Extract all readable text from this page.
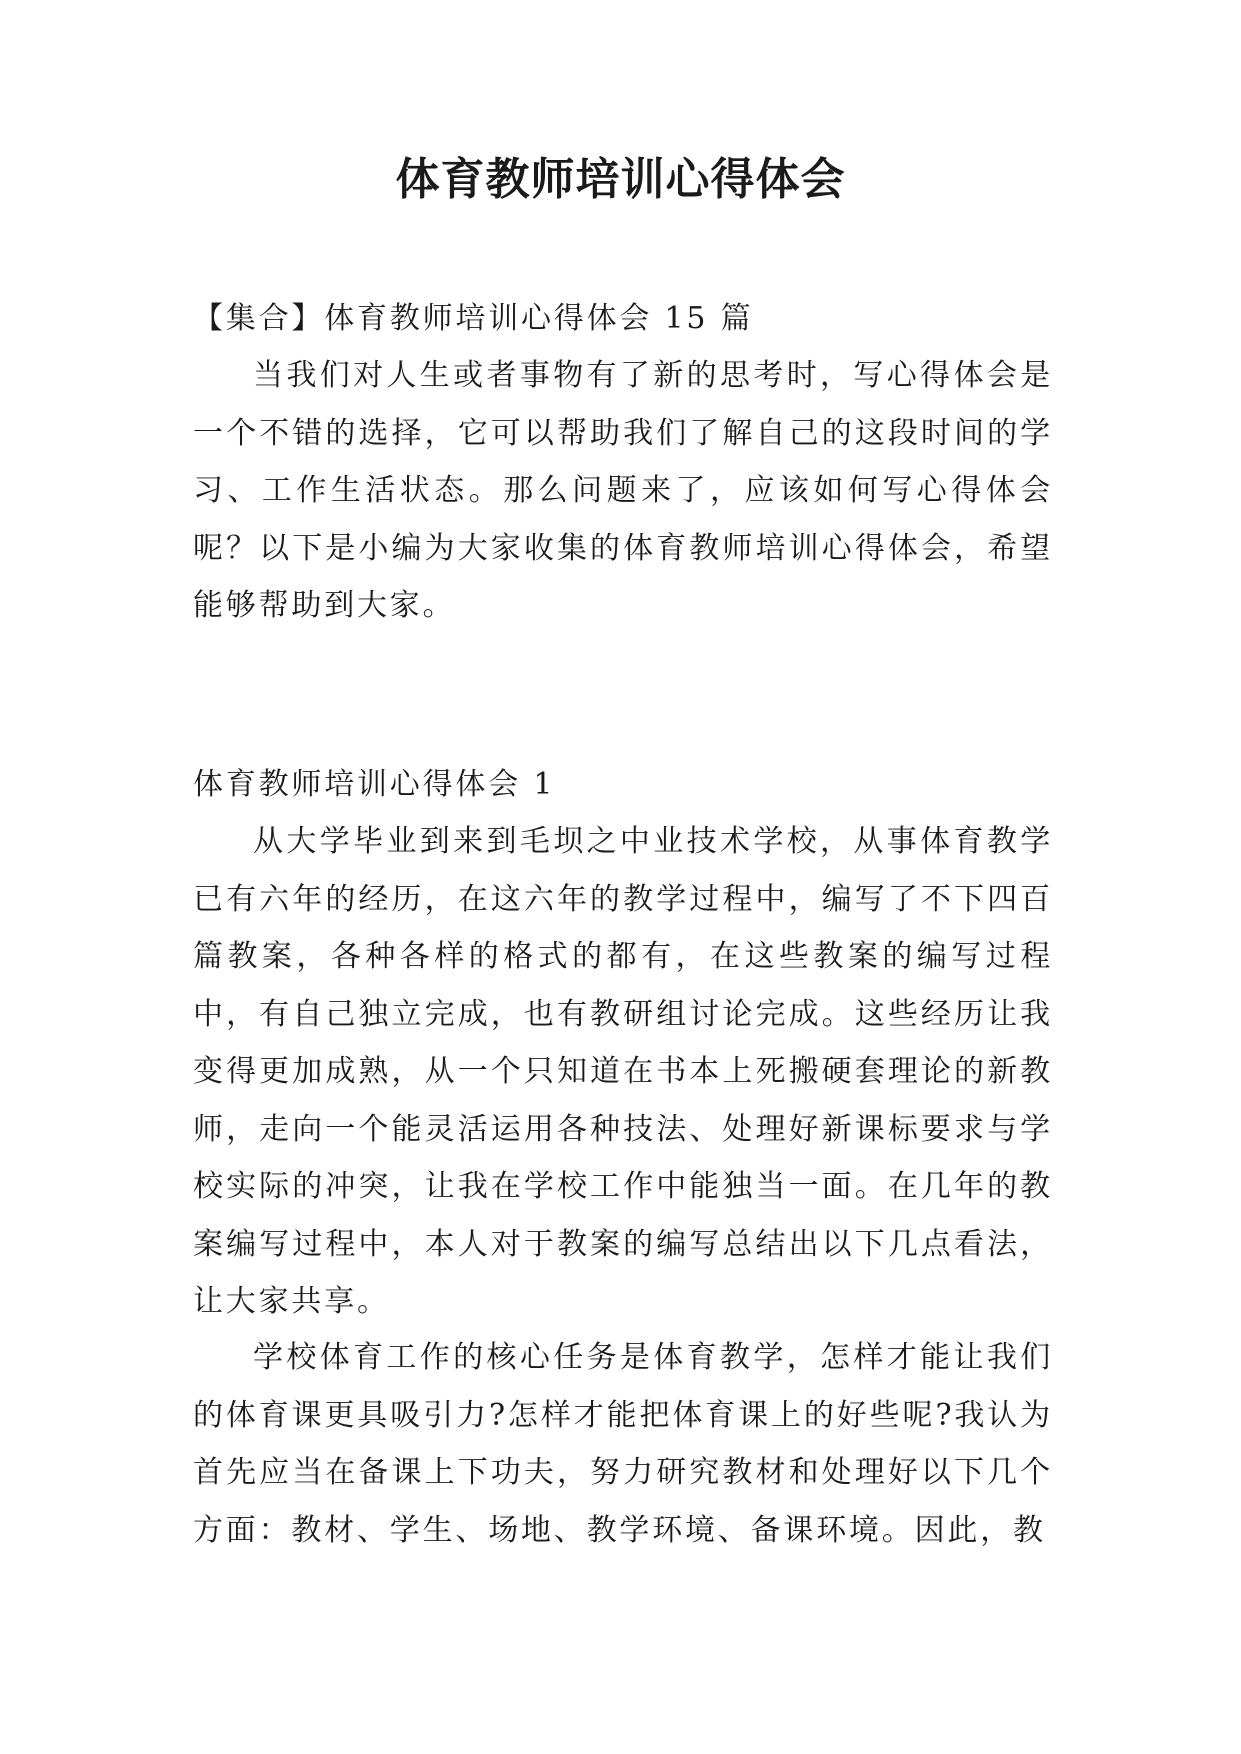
体育教师培训心得体会

【集合】体育教师培训心得体会 15 篇

当我们对人生或者事物有了新的思考时，写心得体会是一个不错的选择，它可以帮助我们了解自己的这段时间的学习、工作生活状态。那么问题来了，应该如何写心得体会呢？以下是小编为大家收集的体育教师培训心得体会，希望能够帮助到大家。

体育教师培训心得体会 1

从大学毕业到来到毛坝之中业技术学校，从事体育教学已有六年的经历，在这六年的教学过程中，编写了不下四百篇教案，各种各样的格式的都有，在这些教案的编写过程中，有自己独立完成，也有教研组讨论完成。这些经历让我变得更加成熟，从一个只知道在书本上死搬硬套理论的新教师，走向一个能灵活运用各种技法、处理好新课标要求与学校实际的冲突，让我在学校工作中能独当一面。在几年的教案编写过程中，本人对于教案的编写总结出以下几点看法，让大家共享。

学校体育工作的核心任务是体育教学，怎样才能让我们的体育课更具吸引力?怎样才能把体育课上的好些呢?我认为首先应当在备课上下功夫，努力研究教材和处理好以下几个方面：教材、学生、场地、教学环境、备课环境。因此，教
